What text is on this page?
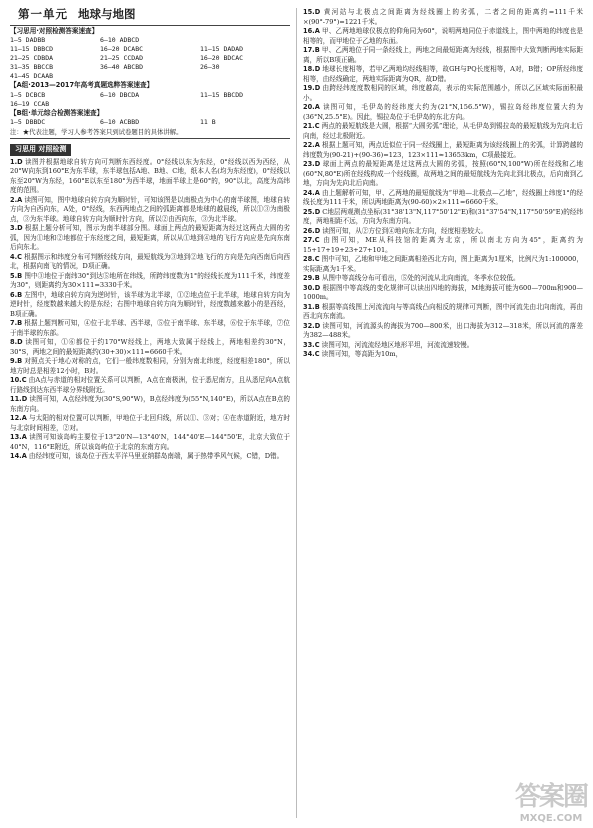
第一单元 地球与地图
【习思用·对照检测答案速查】
1—5 DADBB	6—10 ADBCD
11—15 DBBCD	16—20 DCABC	11—15 DADAD
21—25 CDBDA	21—25 CCDAD	16—20 BDCAC
31—35 BBCCB	36—40 ABCBD	26—30
41—45 DCAAB
【A组·2013—2017年高考真题选粹答案速查】
1—5 DCBCB	6—10 DBCDA	11—15 BBCDD
16—19 CCAB
【B组·单元综合检测答案速查】
1—5 DBBDC	6—10 ACBBD	11 B
注：★代表注题，学习人参考答案只到试卷题目的具体讲解。
习思用 对照检测

1.D 读图并根据地球自转方向可判断东西经度。0°经线以东为东经，0°经线以西为西经，从20°W向东到160°E为东半球，东半球包括A地、B地、C地，纸本人名(均为东经度)，0°经线以东至20°W为东经，160°E以东至180°为西半球，地面半球上是60°的，90°以北，高度为高纬度的范围。

2.A 读图可知，图中地球自转方向为顺时针，可知该图是以南极点为中心的南半球图，地球自转方向为自西向东，A处，0°经线，东西两地点之间的弧距离都是地球的越晨线，所以①③为南极点，③为东半球。地球自转方向为顺时针方向，所以②由西向东，③为北半球。

3.D 根据上题分析可知，图示为南半球部分图。球面上两点的最短距离为经过这两点大圆的劣弧，因为①地和②地都位于东经度之间，最短距离，所以从①地到④地的飞行方向应是先向东南后向东北。

4.C 根据图示和纬度分布可判断经线方向，最短航线为③地到②地飞行的方向是先向西南后向西北，根据向南飞的情况，D项正确。

5.B 图中③地位于南纬30°到达⑤地所在纬线，所跨纬度数为1°的经线长度为111千米，纬度差为30°，则距离约为30×111=3330千米。

6.B 左图中，地球自转方向为逆时针，该半球为北半球，①②地点位于北半球，地球自转方向为逆时针，经度数越来越大的是东经；右图中地球自转方向为顺时针，经度数越来越小的是西经，B项正确。

7.B 根据上题判断可知，④位于北半球、西半球，⑤位于南半球、东半球，⑥位于东半球，⑦位于南半球的东部。

8.D 读图可知，①⑥都位于约170°W经线上，两地大致属于经线上，两地相差约30°N，30°S，两地之间的最短距离约(30+30)×111=6660千米。

9.B 对照点关于地心对称的点，它们一般纬度数相同，分别为南北纬度，经度相差180°，所以地方时总是相差12小时，B对。

10.C 由A点与赤道的相对位置关系可以判断，A点在南极洲，位于悉尼南方，且从悉尼向A点航行路线到达东西半球分界线附近。

11.D 读图可知，A点经纬度为(30°S,90°W)，B点经纬度为(55°N,140°E)，所以A点在B点的东南方向。

12.A 与太阳的相对位置可以判断，甲地位于北回归线，所以①、③对；④在赤道附近，地方时与北京时间相差，②对。

13.A 读图可知该岛屿主要位于13°20'N—13°40'N，144°40'E—144°50'E，北京大致位于40°N，116°E附近，所以该岛屿位于北京的东南方向。

14.A 由经纬度可知，该岛位于西太平洋马里亚纳群岛南端，属于热带季风气候，C错，D错。

15.D 黄河站与北极点之间距离为经线圈上的劣弧，二者之间的距离约=111千米×(90°-79°)=1221千米。

16.A 甲、乙两地地球仪极点的仰角同为60°，说明两地同位于赤道线上，图中两地的纬度也是相等的，而甲地位于乙地的东面。

17.B 甲、乙两地位于同一条经线上，两地之间最短距离为经线，根据图中大致判断两地实际距离，所以B项正确。

18.D 地球长度相等，若甲乙两地均经线相等，故GH与PQ长度相等，A对，B错；OP所经纬度相等，由经线确定，两地实际距离为QR，故D错。

19.D 由跨经纬度度数相同的区域，纬度越高，表示的实际范围越小，所以乙区域实际面积最小。

20.A 读图可知，毛伊岛的经纬度大约为(21°N,156.5°W)，锡拉岛经纬度位置大约为(36°N,25.5°E)。因此，锡拉岛位于毛伊岛的东北方向。

21.C 两点的最短航线是大圆，根据“大圆劣弧”理论，从毛伊岛到锡拉岛的最短航线为先向北后向南，经过北极附近。

22.A 根据上题可知，两点近似位于同一经线圈上，最短距离为该经线圈上的劣弧，计算跨越的纬度数为(90-21)+(90-36)=123，123×111≈13653km，C项最接近。

23.D 球面上两点的最短距离是过这两点大圆的劣弧，按照(60°N,100°W)所在经线和乙地(60°N,80°E)所在经线构成一个经线圈，故两地之间的最短航线为先向北到北极点，后向南到乙地，方向为先向北后向南。

24.A 由上题解析可知，甲、乙两地的最短航线为“甲地—北极点—乙地”，经线圈上纬度1°的经线长度为111千米，所以两地距离为(90-60)×2×111=6660千米。

25.D C地层两观测点坐标(31°38'13"N,117°50'12"E)和(31°37'54"N,117°50'59"E)的经纬度，两地相距不远，方向为东南方向。

26.D 读图可知，从②方位到④地向东北方向，经度相差较大。

27.C 由图可知，ME从科技馆的距离为北京，所以南北方向为45°，距离约为15+17+19+23+27+101。

28.C 图中可知，乙地和甲地之间距离相差西北方向，图上距离为1厘米，比例尺为1:100000，实际距离为1千米。

29.B 从图中等高线分布可看出，⑤处的河流从北向南流，冬季水位较低。

30.D 根据图中等高线的变化规律可以读出四地的海拔，M地海拔可能为600—700m和900—1000m。

31.B 根据等高线图上河流流向与等高线凸向相反的规律可判断，图中河流先由北向南流，再由西北向东南流。

32.D 读图可知，河流源头的海拔为700—800米，出口海拔为312—318米，所以河流的落差为382—488米。

33.C 读图可知，河流流经地区地形平坦，河流流速较慢。

34.C 读图可知，等高距为10m，

答案圈
MXQE.COM
